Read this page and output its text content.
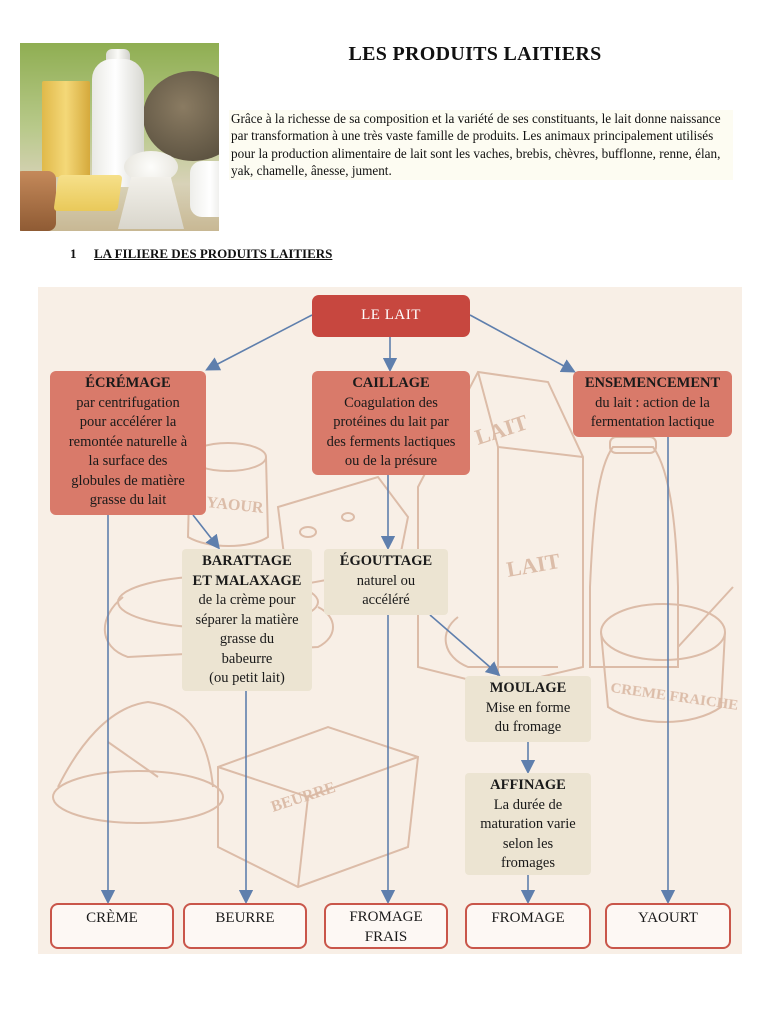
LES PRODUITS LAITIERS
Grâce à la richesse de sa composition et la variété de ses constituants, le lait donne naissance par transformation à une très vaste famille de produits. Les animaux principalement utilisés pour la production alimentaire de lait sont les vaches, brebis, chèvres, bufflonne, renne, élan, yak, chamelle, ânesse, jument.
1 LA FILIERE DES PRODUITS LAITIERS
LAIT
LAIT
YAOUR
CREME FRAICHE
BEURRE
LE LAIT
ÉCRÉMAGE
par centrifugation
pour accélérer la
remontée naturelle à
la surface des
globules de matière
grasse du lait
CAILLAGE
Coagulation des
protéines du lait par
des ferments lactiques
ou de la présure
ENSEMENCEMENT
du lait : action de la
fermentation lactique
BARATTAGE
ET MALAXAGE
de la crème pour
séparer la matière
grasse du
babeurre
(ou petit lait)
ÉGOUTTAGE
naturel ou
accéléré
MOULAGE
Mise en forme
du fromage
AFFINAGE
La durée de
maturation varie
selon les
fromages
CRÈME	BEURRE	FROMAGE
FRAIS
FROMAGE	YAOURT
